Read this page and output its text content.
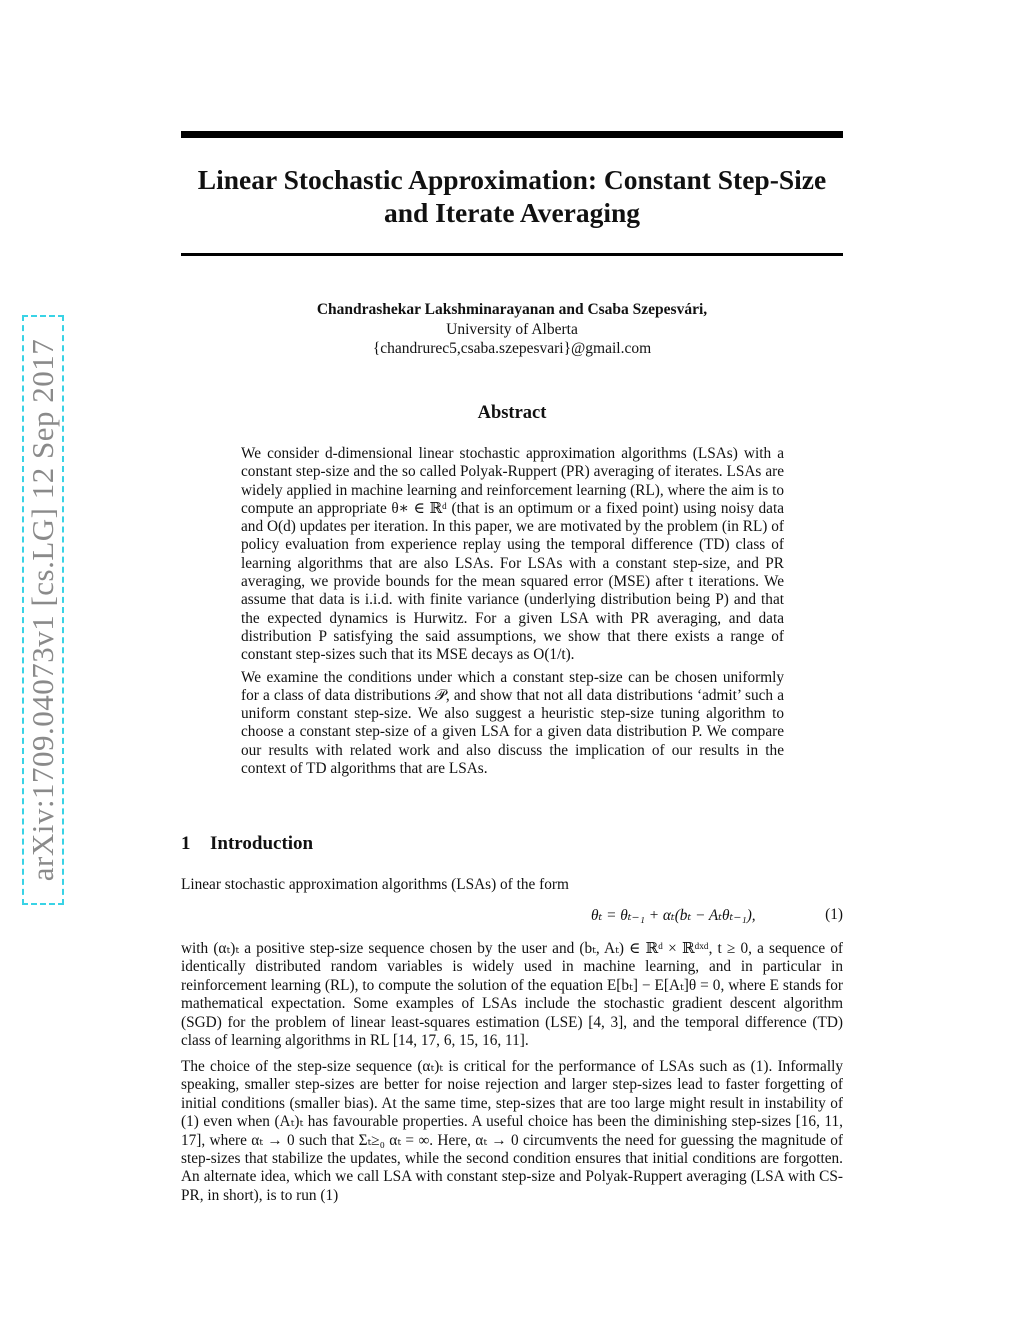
arXiv:1709.04073v1 [cs.LG] 12 Sep 2017
Linear Stochastic Approximation: Constant Step-Size and Iterate Averaging
Chandrashekar Lakshminarayanan and Csaba Szepesvári,
University of Alberta
{chandrurec5,csaba.szepesvari}@gmail.com
Abstract

We consider d-dimensional linear stochastic approximation algorithms (LSAs) with a constant step-size and the so called Polyak-Ruppert (PR) averaging of iterates. LSAs are widely applied in machine learning and reinforcement learning (RL), where the aim is to compute an appropriate θ∗ ∈ ℝᵈ (that is an optimum or a fixed point) using noisy data and O(d) updates per iteration. In this paper, we are motivated by the problem (in RL) of policy evaluation from experience replay using the temporal difference (TD) class of learning algorithms that are also LSAs. For LSAs with a constant step-size, and PR averaging, we provide bounds for the mean squared error (MSE) after t iterations. We assume that data is i.i.d. with finite variance (underlying distribution being P) and that the expected dynamics is Hurwitz. For a given LSA with PR averaging, and data distribution P satisfying the said assumptions, we show that there exists a range of constant step-sizes such that its MSE decays as O(1/t).

We examine the conditions under which a constant step-size can be chosen uniformly for a class of data distributions 𝒫, and show that not all data distributions ‘admit’ such a uniform constant step-size. We also suggest a heuristic step-size tuning algorithm to choose a constant step-size of a given LSA for a given data distribution P. We compare our results with related work and also discuss the implication of our results in the context of TD algorithms that are LSAs.

1 Introduction
Linear stochastic approximation algorithms (LSAs) of the form
θₜ = θₜ₋₁ + αₜ(bₜ − Aₜθₜ₋₁),	(1)

with (αₜ)ₜ a positive step-size sequence chosen by the user and (bₜ, Aₜ) ∈ ℝᵈ × ℝᵈˣᵈ, t ≥ 0, a sequence of identically distributed random variables is widely used in machine learning, and in particular in reinforcement learning (RL), to compute the solution of the equation E[bₜ] − E[Aₜ]θ = 0, where E stands for mathematical expectation. Some examples of LSAs include the stochastic gradient descent algorithm (SGD) for the problem of linear least-squares estimation (LSE) [4, 3], and the temporal difference (TD) class of learning algorithms in RL [14, 17, 6, 15, 16, 11].

The choice of the step-size sequence (αₜ)ₜ is critical for the performance of LSAs such as (1). Informally speaking, smaller step-sizes are better for noise rejection and larger step-sizes lead to faster forgetting of initial conditions (smaller bias). At the same time, step-sizes that are too large might result in instability of (1) even when (Aₜ)ₜ has favourable properties. A useful choice has been the diminishing step-sizes [16, 11, 17], where αₜ → 0 such that Σₜ≥₀ αₜ = ∞. Here, αₜ → 0 circumvents the need for guessing the magnitude of step-sizes that stabilize the updates, while the second condition ensures that initial conditions are forgotten. An alternate idea, which we call LSA with constant step-size and Polyak-Ruppert averaging (LSA with CS-PR, in short), is to run (1)
